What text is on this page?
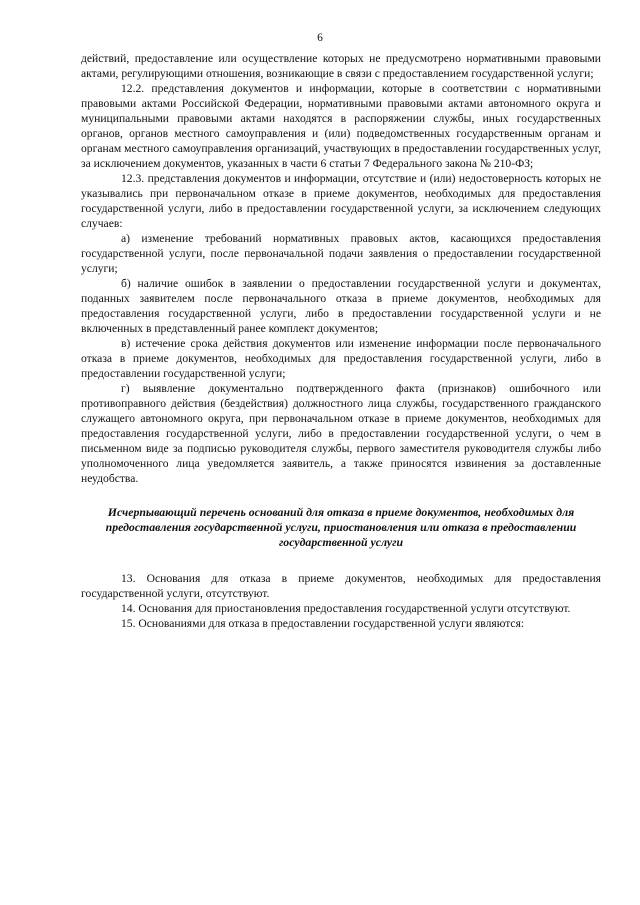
6

действий, предоставление или осуществление которых не предусмотрено нормативными правовыми актами, регулирующими отношения, возникающие в связи с предоставлением государственной услуги;

12.2. представления документов и информации, которые в соответствии с нормативными правовыми актами Российской Федерации, нормативными правовыми актами автономного округа и муниципальными правовыми актами находятся в распоряжении службы, иных государственных органов, органов местного самоуправления и (или) подведомственных государственным органам и органам местного самоуправления организаций, участвующих в предоставлении государственных услуг, за исключением документов, указанных в части 6 статьи 7 Федерального закона № 210-ФЗ;

12.3. представления документов и информации, отсутствие и (или) недостоверность которых не указывались при первоначальном отказе в приеме документов, необходимых для предоставления государственной услуги, либо в предоставлении государственной услуги, за исключением следующих случаев:

а) изменение требований нормативных правовых актов, касающихся предоставления государственной услуги, после первоначальной подачи заявления о предоставлении государственной услуги;

б) наличие ошибок в заявлении о предоставлении государственной услуги и документах, поданных заявителем после первоначального отказа в приеме документов, необходимых для предоставления государственной услуги, либо в предоставлении государственной услуги и не включенных в представленный ранее комплект документов;

в) истечение срока действия документов или изменение информации после первоначального отказа в приеме документов, необходимых для предоставления государственной услуги, либо в предоставлении государственной услуги;

г) выявление документально подтвержденного факта (признаков) ошибочного или противоправного действия (бездействия) должностного лица службы, государственного гражданского служащего автономного округа, при первоначальном отказе в приеме документов, необходимых для предоставления государственной услуги, либо в предоставлении государственной услуги, о чем в письменном виде за подписью руководителя службы, первого заместителя руководителя службы либо уполномоченного лица уведомляется заявитель, а также приносятся извинения за доставленные неудобства.

Исчерпывающий перечень оснований для отказа в приеме документов, необходимых для предоставления государственной услуги, приостановления или отказа в предоставлении государственной услуги

13. Основания для отказа в приеме документов, необходимых для предоставления государственной услуги, отсутствуют.

14. Основания для приостановления предоставления государственной услуги отсутствуют.

15. Основаниями для отказа в предоставлении государственной услуги являются:
